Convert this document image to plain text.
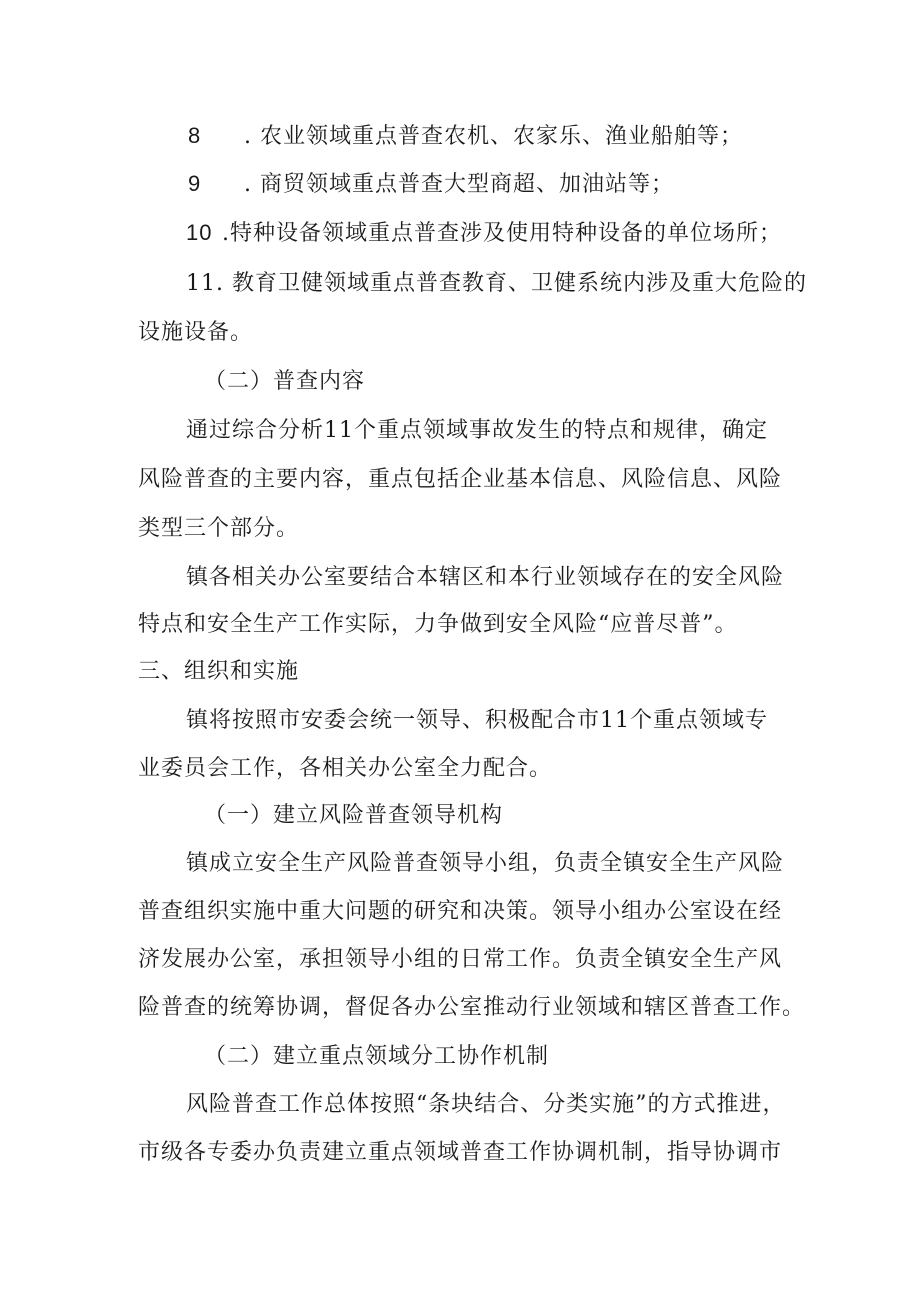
8 . 农业领域重点普查农机、农家乐、渔业船舶等；
9 . 商贸领域重点普查大型商超、加油站等；
10 .特种设备领域重点普查涉及使用特种设备的单位场所；
11. 教育卫健领域重点普查教育、卫健系统内涉及重大危险的
设施设备。
（二）普查内容
通过综合分析11个重点领域事故发生的特点和规律，确定
风险普查的主要内容，重点包括企业基本信息、风险信息、风险
类型三个部分。
镇各相关办公室要结合本辖区和本行业领域存在的安全风险
特点和安全生产工作实际，力争做到安全风险“应普尽普”。
三、组织和实施
镇将按照市安委会统一领导、积极配合市11个重点领域专
业委员会工作，各相关办公室全力配合。
（一）建立风险普查领导机构
镇成立安全生产风险普查领导小组，负责全镇安全生产风险
普查组织实施中重大问题的研究和决策。领导小组办公室设在经
济发展办公室，承担领导小组的日常工作。负责全镇安全生产风
险普查的统筹协调，督促各办公室推动行业领域和辖区普查工作。
（二）建立重点领域分工协作机制
风险普查工作总体按照“条块结合、分类实施”的方式推进，
市级各专委办负责建立重点领域普查工作协调机制，指导协调市
